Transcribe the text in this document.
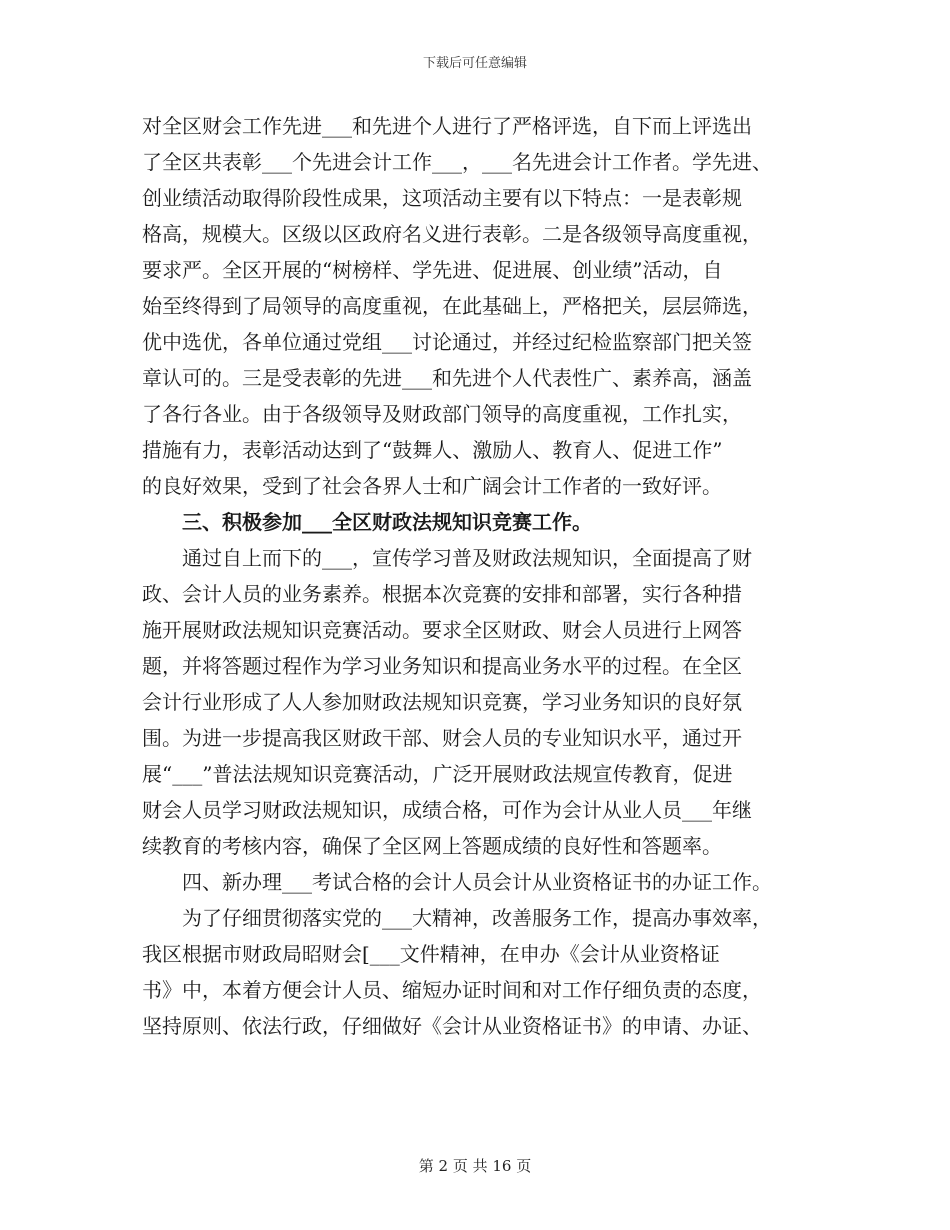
下载后可任意编辑
对全区财会工作先进___和先进个人进行了严格评选，自下而上评选出
了全区共表彰___个先进会计工作___，___名先进会计工作者。学先进、
创业绩活动取得阶段性成果，这项活动主要有以下特点：一是表彰规
格高，规模大。区级以区政府名义进行表彰。二是各级领导高度重视，
要求严。全区开展的“树榜样、学先进、促进展、创业绩”活动，自
始至终得到了局领导的高度重视，在此基础上，严格把关，层层筛选，
优中选优，各单位通过党组___讨论通过，并经过纪检监察部门把关签
章认可的。三是受表彰的先进___和先进个人代表性广、素养高，涵盖
了各行各业。由于各级领导及财政部门领导的高度重视，工作扎实，
措施有力，表彰活动达到了“鼓舞人、激励人、教育人、促进工作”
的良好效果，受到了社会各界人士和广阔会计工作者的一致好评。
　　三、积极参加___全区财政法规知识竞赛工作。
　　通过自上而下的___，宣传学习普及财政法规知识，全面提高了财
政、会计人员的业务素养。根据本次竞赛的安排和部署，实行各种措
施开展财政法规知识竞赛活动。要求全区财政、财会人员进行上网答
题，并将答题过程作为学习业务知识和提高业务水平的过程。在全区
会计行业形成了人人参加财政法规知识竞赛，学习业务知识的良好氛
围。为进一步提高我区财政干部、财会人员的专业知识水平，通过开
展“___”普法法规知识竞赛活动，广泛开展财政法规宣传教育，促进
财会人员学习财政法规知识，成绩合格，可作为会计从业人员___年继
续教育的考核内容，确保了全区网上答题成绩的良好性和答题率。
　　四、新办理___考试合格的会计人员会计从业资格证书的办证工作。
　　为了仔细贯彻落实党的___大精神，改善服务工作，提高办事效率，
我区根据市财政局昭财会[___文件精神，在申办《会计从业资格证
书》中，本着方便会计人员、缩短办证时间和对工作仔细负责的态度，
坚持原则、依法行政，仔细做好《会计从业资格证书》的申请、办证、
第 2 页 共 16 页
